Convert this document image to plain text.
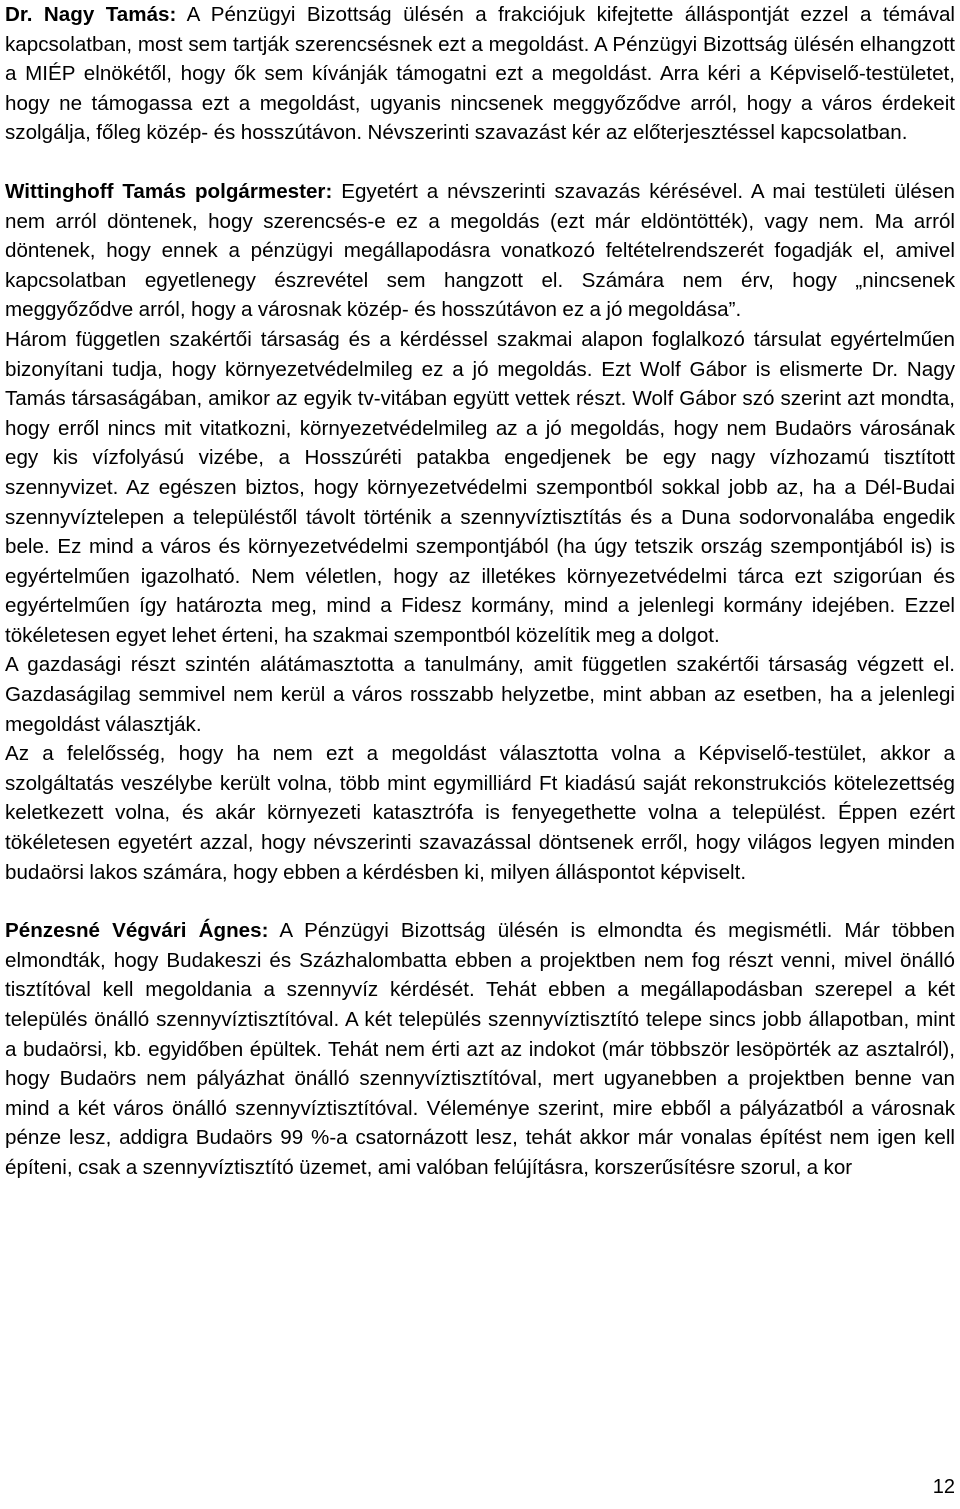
Dr. Nagy Tamás: A Pénzügyi Bizottság ülésén a frakciójuk kifejtette álláspontját ezzel a témával kapcsolatban, most sem tartják szerencsésnek ezt a megoldást. A Pénzügyi Bizottság ülésén elhangzott a MIÉP elnökétől, hogy ők sem kívánják támogatni ezt a megoldást. Arra kéri a Képviselő-testületet, hogy ne támogassa ezt a megoldást, ugyanis nincsenek meggyőződve arról, hogy a város érdekeit szolgálja, főleg közép- és hosszútávon. Névszerinti szavazást kér az előterjesztéssel kapcsolatban.

Wittinghoff Tamás polgármester: Egyetért a névszerinti szavazás kérésével. A mai testületi ülésen nem arról döntenek, hogy szerencsés-e ez a megoldás (ezt már eldöntötték), vagy nem. Ma arról döntenek, hogy ennek a pénzügyi megállapodásra vonatkozó feltételrendszerét fogadják el, amivel kapcsolatban egyetlenegy észrevétel sem hangzott el. Számára nem érv, hogy „nincsenek meggyőződve arról, hogy a városnak közép- és hosszútávon ez a jó megoldása”.

Három független szakértői társaság és a kérdéssel szakmai alapon foglalkozó társulat egyértelműen bizonyítani tudja, hogy környezetvédelmileg ez a jó megoldás. Ezt Wolf Gábor is elismerte Dr. Nagy Tamás társaságában, amikor az egyik tv-vitában együtt vettek részt. Wolf Gábor szó szerint azt mondta, hogy erről nincs mit vitatkozni, környezetvédelmileg az a jó megoldás, hogy nem Budaörs városának egy kis vízfolyású vizébe, a Hosszúréti patakba engedjenek be egy nagy vízhozamú tisztított szennyvizet. Az egészen biztos, hogy környezetvédelmi szempontból sokkal jobb az, ha a Dél-Budai szennyvíztelepen a településtől távolt történik a szennyvíztisztítás és a Duna sodorvonalába engedik bele. Ez mind a város és környezetvédelmi szempontjából (ha úgy tetszik ország szempontjából is) is egyértelműen igazolható. Nem véletlen, hogy az illetékes környezetvédelmi tárca ezt szigorúan és egyértelműen így határozta meg, mind a Fidesz kormány, mind a jelenlegi kormány idejében. Ezzel tökéletesen egyet lehet érteni, ha szakmai szempontból közelítik meg a dolgot.

A gazdasági részt szintén alátámasztotta a tanulmány, amit független szakértői társaság végzett el. Gazdaságilag semmivel nem kerül a város rosszabb helyzetbe, mint abban az esetben, ha a jelenlegi megoldást választják.

Az a felelősség, hogy ha nem ezt a megoldást választotta volna a Képviselő-testület, akkor a szolgáltatás veszélybe került volna, több mint egymilliárd Ft kiadású saját rekonstrukciós kötelezettség keletkezett volna, és akár környezeti katasztrófa is fenyegethette volna a települést. Éppen ezért tökéletesen egyetért azzal, hogy névszerinti szavazással döntsenek erről, hogy világos legyen minden budaörsi lakos számára, hogy ebben a kérdésben ki, milyen álláspontot képviselt.

Pénzesné Végvári Ágnes: A Pénzügyi Bizottság ülésén is elmondta és megismétli. Már többen elmondták, hogy Budakeszi és Százhalombatta ebben a projektben nem fog részt venni, mivel önálló tisztítóval kell megoldania a szennyvíz kérdését. Tehát ebben a megállapodásban szerepel a két település önálló szennyvíztisztítóval. A két település szennyvíztisztító telepe sincs jobb állapotban, mint a budaörsi, kb. egyidőben épültek. Tehát nem érti azt az indokot (már többször lesöpörték az asztalról), hogy Budaörs nem pályázhat önálló szennyvíztisztítóval, mert ugyanebben a projektben benne van mind a két város önálló szennyvíztisztítóval. Véleménye szerint, mire ebből a pályázatból a városnak pénze lesz, addigra Budaörs 99 %-a csatornázott lesz, tehát akkor már vonalas építést nem igen kell építeni, csak a szennyvíztisztító üzemet, ami valóban felújításra, korszerűsítésre szorul, a kor

12
